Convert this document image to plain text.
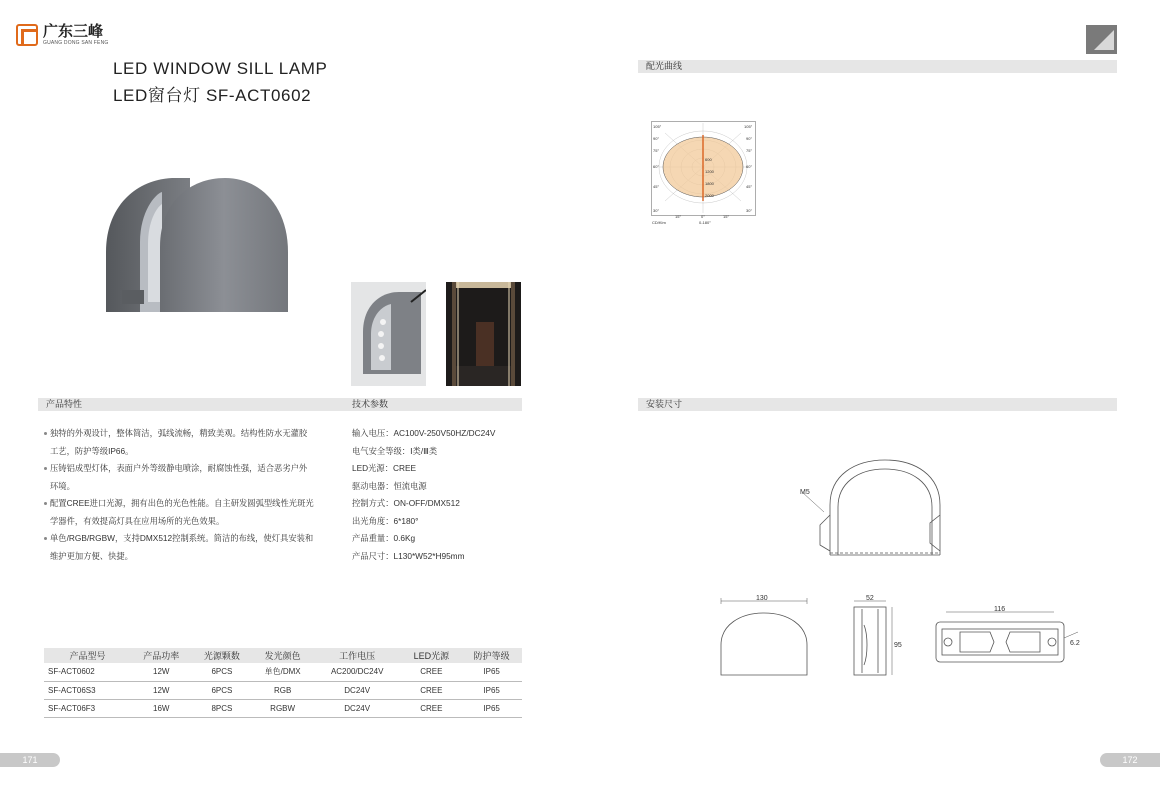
广东三峰
GUANG DONG SAN FENG
LED WINDOW SILL LAMP
LED窗台灯 SF-ACT0602
产品特性	技术参数
配光曲线
安装尺寸
独特的外观设计，整体简洁，弧线流畅，精致美观。结构性防水无灌胶工艺，防护等级IP66。
压铸铝成型灯体，表面户外等级静电喷涂，耐腐蚀性强，适合恶劣户外环境。
配置CREE进口光源，拥有出色的光色性能。自主研发圆弧型线性光斑光学器件，有效提高灯具在应用场所的光色效果。
单色/RGB/RGBW，支持DMX512控制系统。简洁的布线，使灯具安装和维护更加方便、快捷。
输入电压：AC100V-250V50HZ/DC24V
电气安全等级：Ⅰ类/Ⅲ类
LED光源：CREE
驱动电器：恒流电源
控制方式：ON-OFF/DMX512
出光角度：6*180°
产品重量：0.6Kg
产品尺寸：L130*W52*H95mm
产品型号	产品功率	光源颗数	发光颜色	工作电压	LED光源	防护等级
SF-ACT0602	12W	6PCS	单色/DMX	AC200/DC24V	CREE	IP65
SF-ACT06S3	12W	6PCS	RGB	DC24V	CREE	IP65
SF-ACT06F3	16W	8PCS	RGBW	DC24V	CREE	IP65
105°
90°
75°
60°
45°
30°
105°
90°
75°
60°
45°
30°
15°	0°	15°
600
1200
1800
2000
CD/Klm	0-180°
M5
130	52
95
116
6.2
171	172
